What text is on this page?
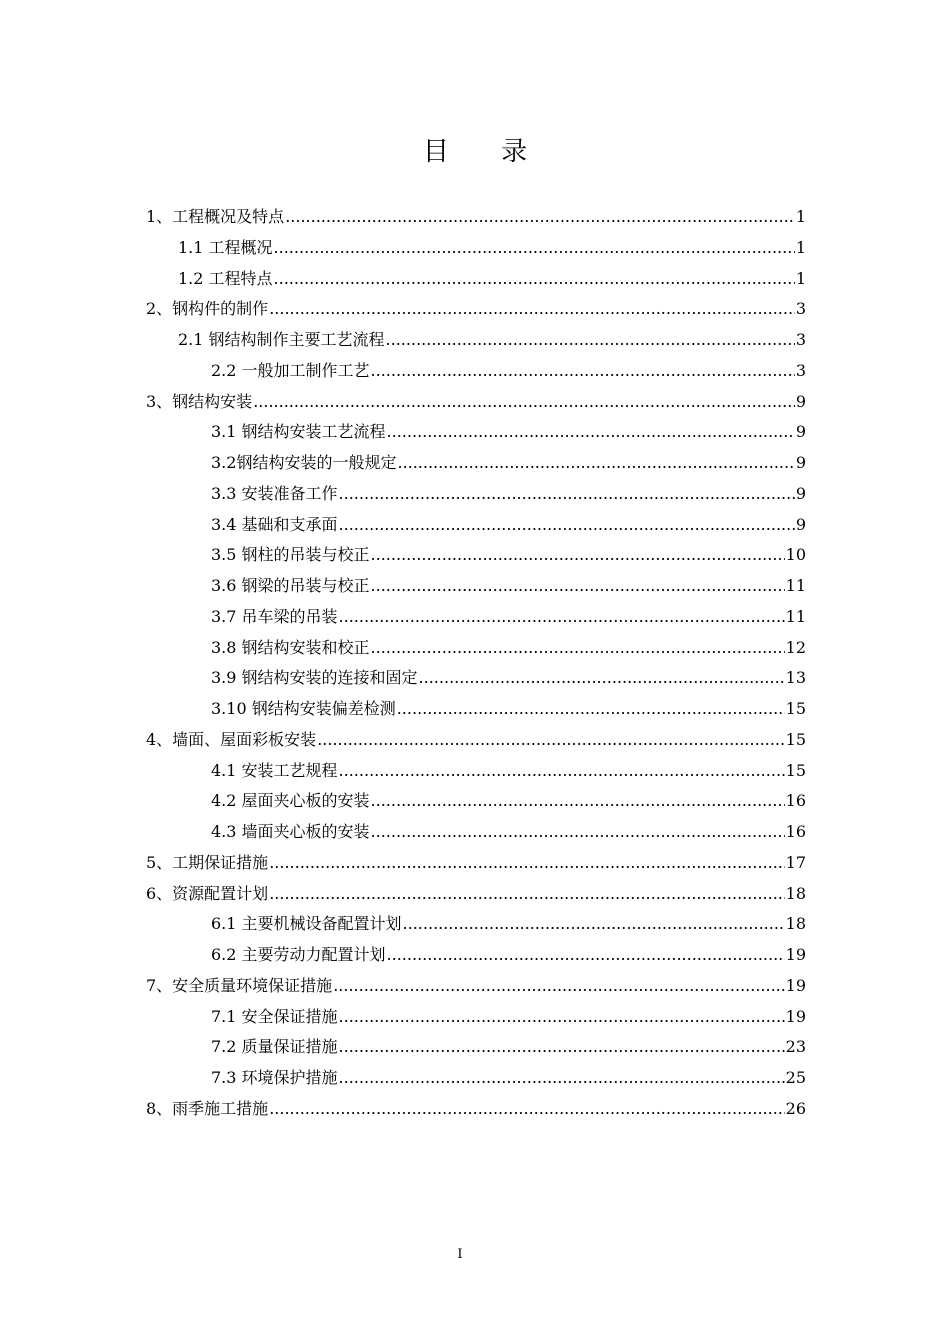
目 录
1、工程概况及特点 .....	1
1.1 工程概况 .....	1
1.2 工程特点 .....	1
2、钢构件的制作 .....	3
2.1 钢结构制作主要工艺流程 .....	3
2.2 一般加工制作工艺 .....	3
3、钢结构安装 .....	9
3.1 钢结构安装工艺流程 .....	9
3.2钢结构安装的一般规定 .....	9
3.3 安装准备工作 .....	9
3.4 基础和支承面 .....	9
3.5 钢柱的吊装与校正 .....	10
3.6 钢梁的吊装与校正 .....	11
3.7 吊车梁的吊装 .....	11
3.8 钢结构安装和校正 .....	12
3.9 钢结构安装的连接和固定 .....	13
3.10 钢结构安装偏差检测 .....	15
4、墙面、屋面彩板安装 .....	15
4.1 安装工艺规程 .....	15
4.2 屋面夹心板的安装 .....	16
4.3 墙面夹心板的安装 .....	16
5、工期保证措施 .....	17
6、资源配置计划 .....	18
6.1 主要机械设备配置计划 .....	18
6.2 主要劳动力配置计划 .....	19
7、安全质量环境保证措施 .....	19
7.1 安全保证措施 .....	19
7.2 质量保证措施 .....	23
7.3 环境保护措施 .....	25
8、雨季施工措施 .....	26
I
